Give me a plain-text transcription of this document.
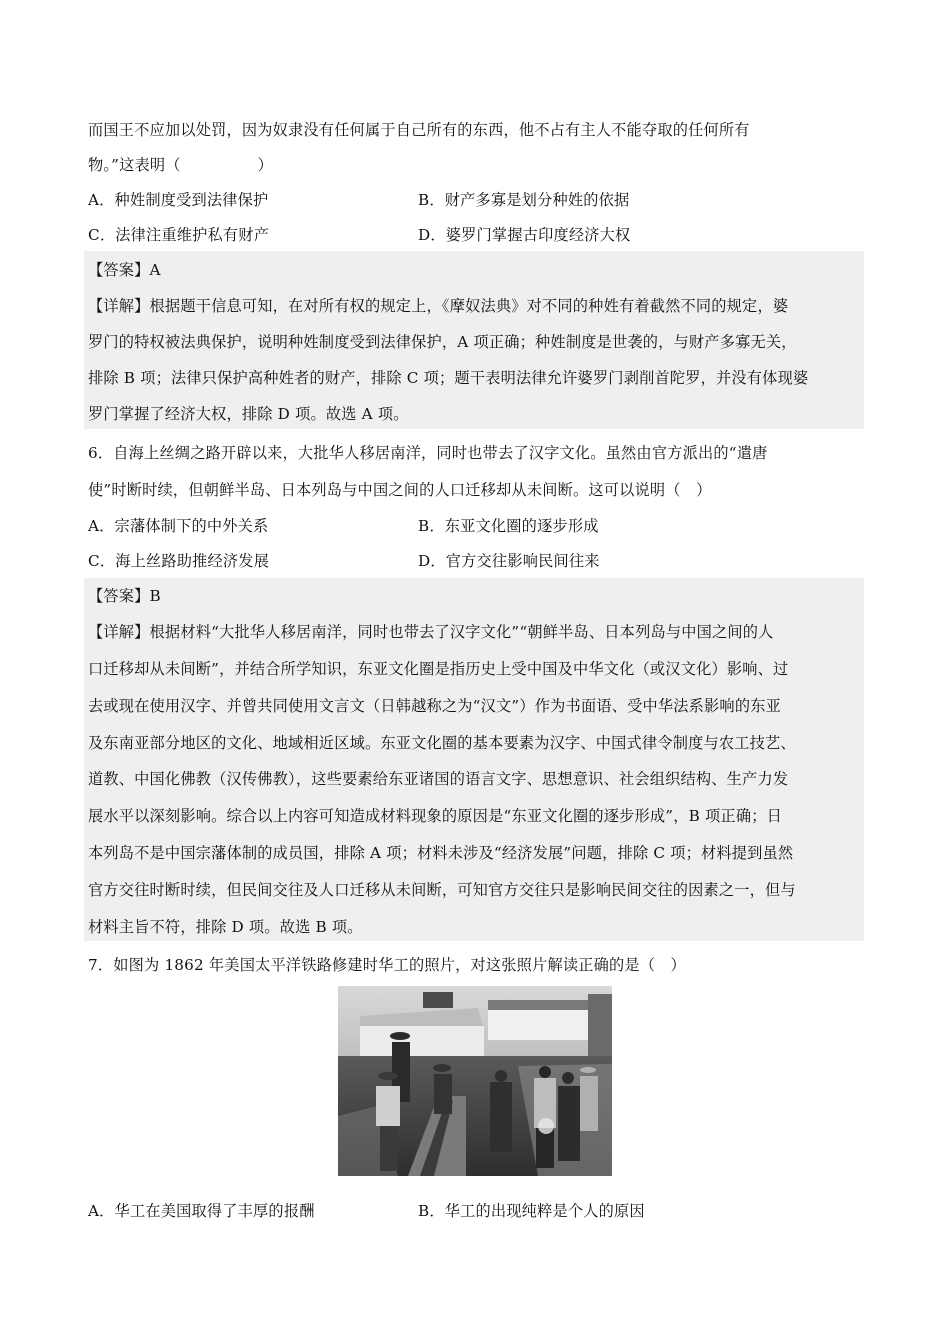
而国王不应加以处罚，因为奴隶没有任何属于自己所有的东西，他不占有主人不能夺取的任何所有
物。”这表明（　　　　　）
A．种姓制度受到法律保护	B．财产多寡是划分种姓的依据
C．法律注重维护私有财产	D．婆罗门掌握古印度经济大权
【答案】A
【详解】根据题干信息可知，在对所有权的规定上，《摩奴法典》对不同的种姓有着截然不同的规定，婆
罗门的特权被法典保护，说明种姓制度受到法律保护，A 项正确；种姓制度是世袭的，与财产多寡无关，
排除 B 项；法律只保护高种姓者的财产，排除 C 项；题干表明法律允许婆罗门剥削首陀罗，并没有体现婆
罗门掌握了经济大权，排除 D 项。故选 A 项。
6．自海上丝绸之路开辟以来，大批华人移居南洋，同时也带去了汉字文化。虽然由官方派出的“遣唐
使”时断时续，但朝鲜半岛、日本列岛与中国之间的人口迁移却从未间断。这可以说明（　）
A．宗藩体制下的中外关系	B．东亚文化圈的逐步形成
C．海上丝路助推经济发展	D．官方交往影响民间往来
【答案】B
【详解】根据材料“大批华人移居南洋，同时也带去了汉字文化”“朝鲜半岛、日本列岛与中国之间的人
口迁移却从未间断”，并结合所学知识，东亚文化圈是指历史上受中国及中华文化（或汉文化）影响、过
去或现在使用汉字、并曾共同使用文言文（日韩越称之为“汉文”）作为书面语、受中华法系影响的东亚
及东南亚部分地区的文化、地域相近区域。东亚文化圈的基本要素为汉字、中国式律令制度与农工技艺、
道教、中国化佛教（汉传佛教），这些要素给东亚诸国的语言文字、思想意识、社会组织结构、生产力发
展水平以深刻影响。综合以上内容可知造成材料现象的原因是“东亚文化圈的逐步形成”，B 项正确；日
本列岛不是中国宗藩体制的成员国，排除 A 项；材料未涉及“经济发展”问题，排除 C 项；材料提到虽然
官方交往时断时续，但民间交往及人口迁移从未间断，可知官方交往只是影响民间交往的因素之一，但与
材料主旨不符，排除 D 项。故选 B 项。
7．如图为 1862 年美国太平洋铁路修建时华工的照片，对这张照片解读正确的是（　）
A．华工在美国取得了丰厚的报酬	B．华工的出现纯粹是个人的原因
